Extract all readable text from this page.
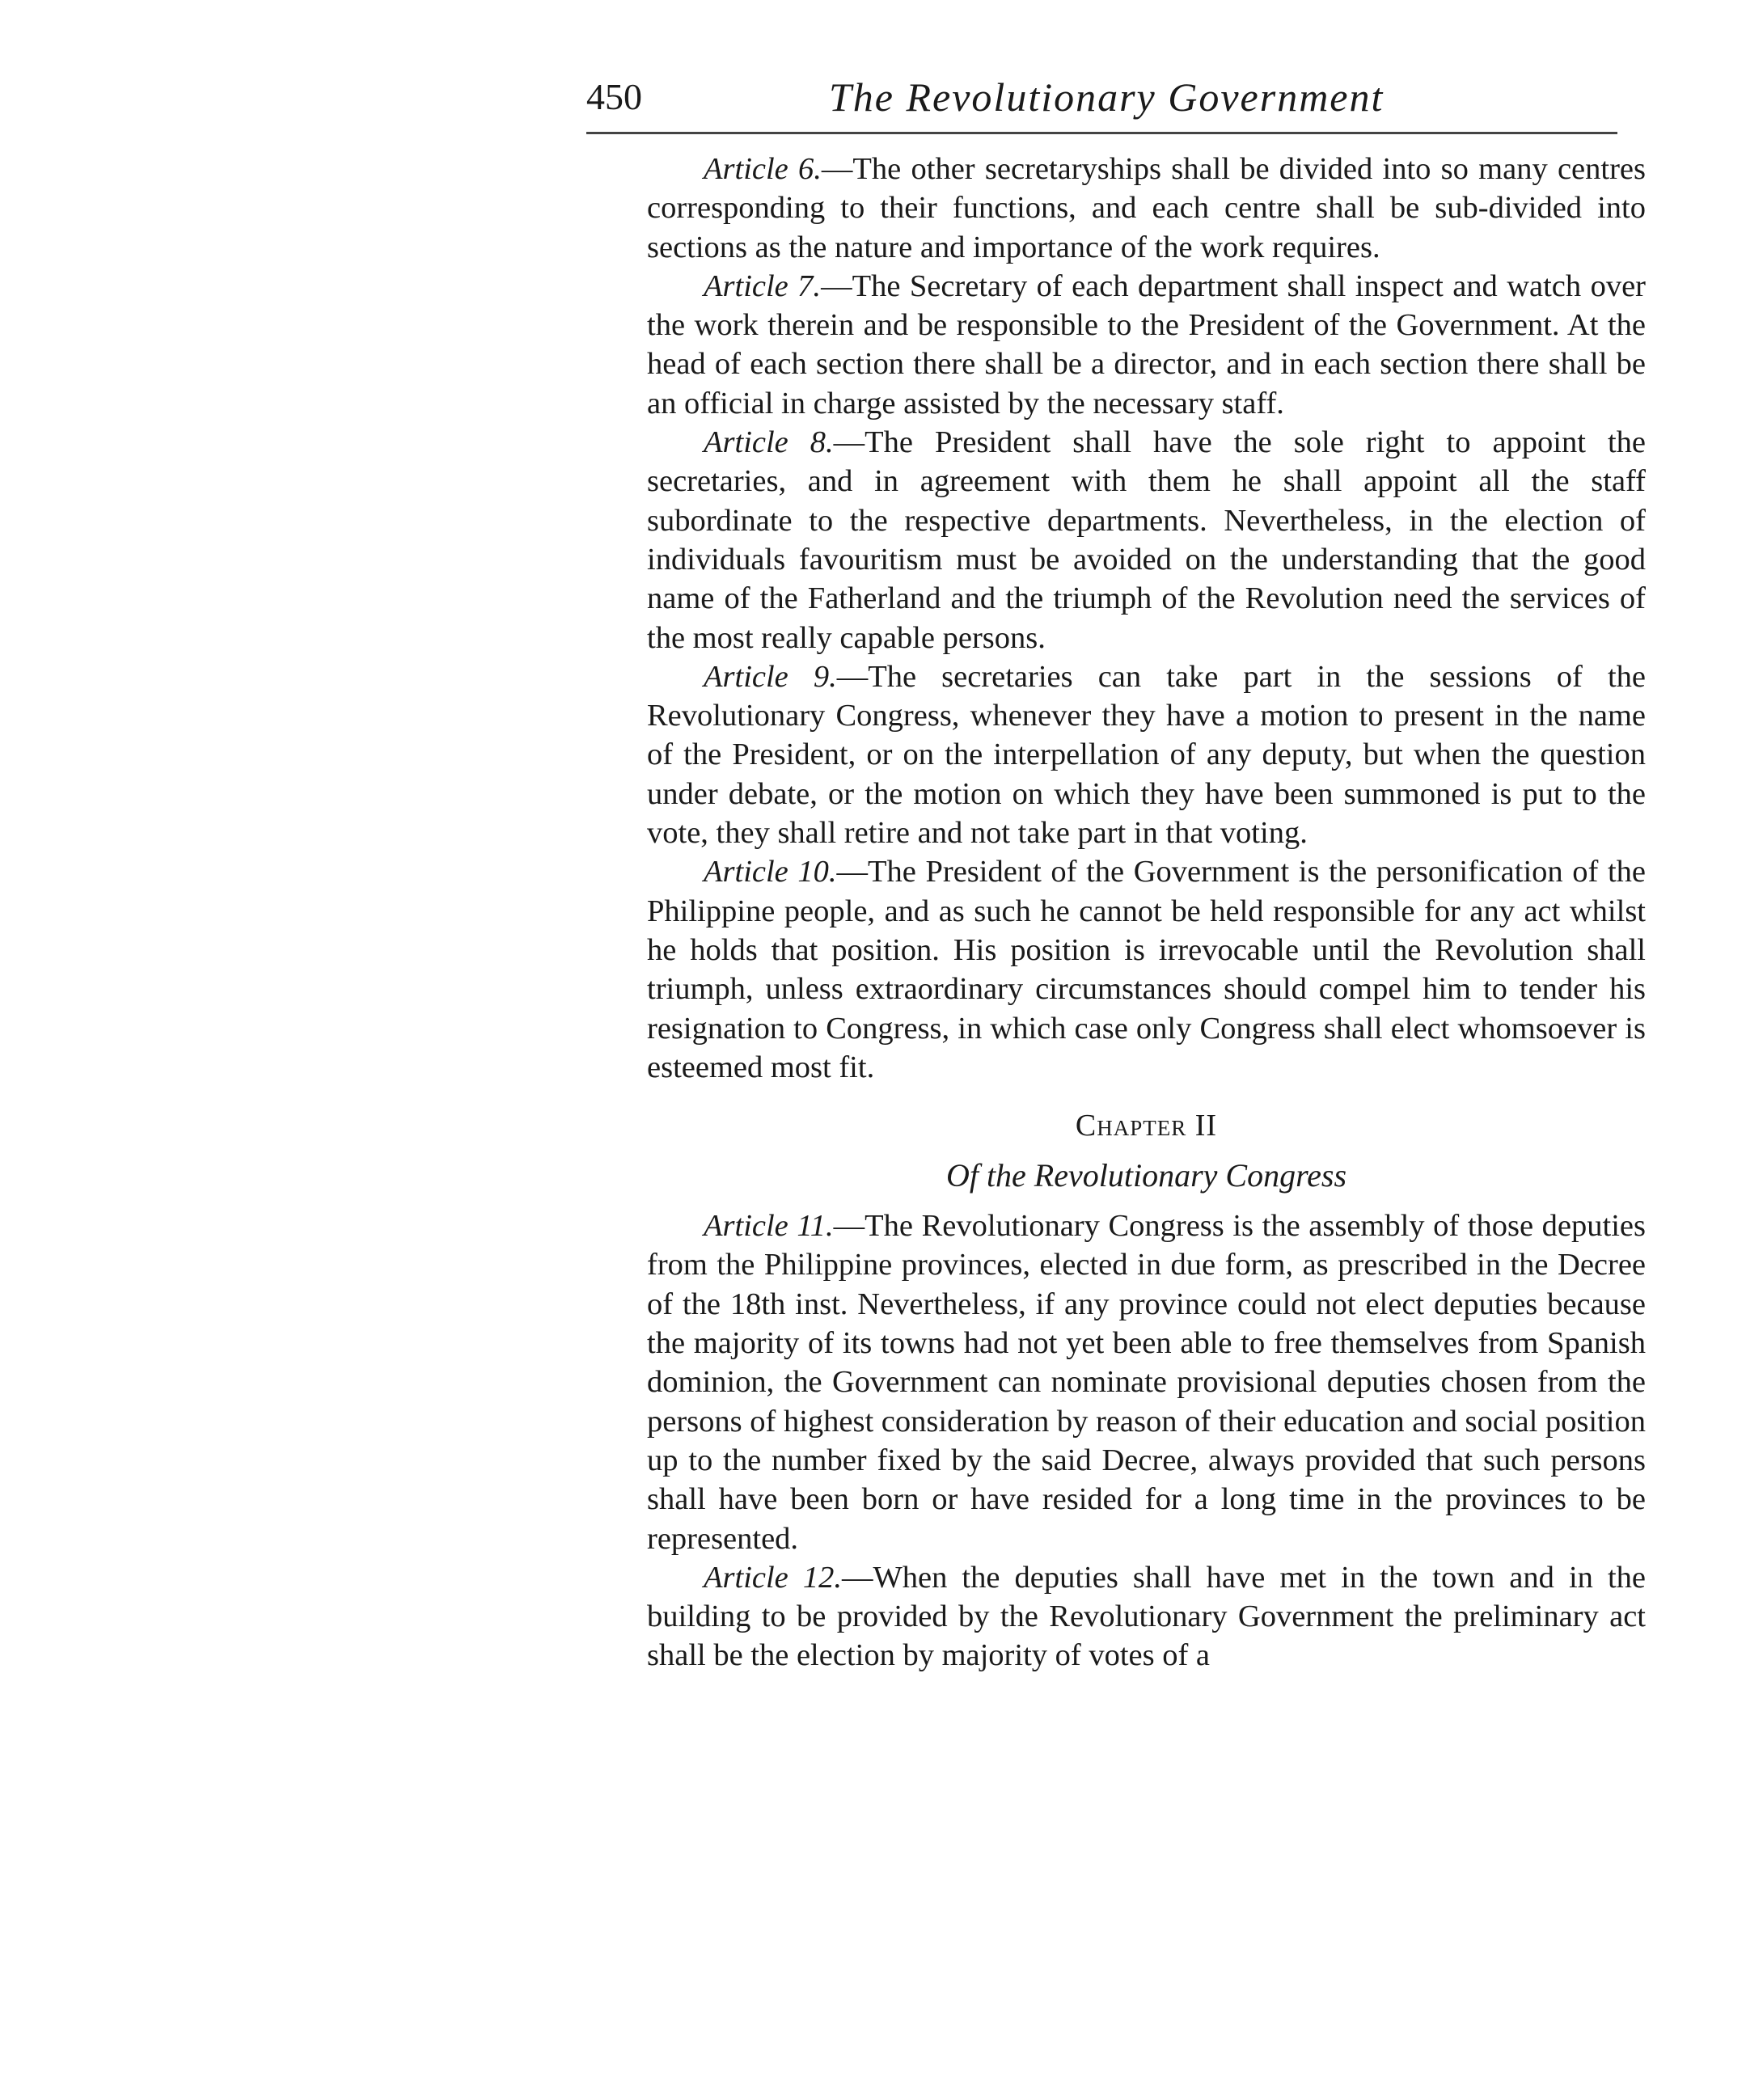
450	The Revolutionary Government

Article 6.—The other secretaryships shall be divided into so many centres corresponding to their functions, and each centre shall be sub-divided into sections as the nature and importance of the work requires.

Article 7.—The Secretary of each department shall inspect and watch over the work therein and be responsible to the President of the Government. At the head of each section there shall be a director, and in each section there shall be an official in charge assisted by the necessary staff.

Article 8.—The President shall have the sole right to appoint the secretaries, and in agreement with them he shall appoint all the staff subordinate to the respective departments. Nevertheless, in the election of individuals favouritism must be avoided on the understanding that the good name of the Fatherland and the triumph of the Revolution need the services of the most really capable persons.

Article 9.—The secretaries can take part in the sessions of the Revolutionary Congress, whenever they have a motion to present in the name of the President, or on the interpellation of any deputy, but when the question under debate, or the motion on which they have been summoned is put to the vote, they shall retire and not take part in that voting.

Article 10.—The President of the Government is the personification of the Philippine people, and as such he cannot be held responsible for any act whilst he holds that position. His position is irrevocable until the Revolution shall triumph, unless extraordinary circumstances should compel him to tender his resignation to Congress, in which case only Congress shall elect whomsoever is esteemed most fit.

Chapter II
Of the Revolutionary Congress

Article 11.—The Revolutionary Congress is the assembly of those deputies from the Philippine provinces, elected in due form, as prescribed in the Decree of the 18th inst. Nevertheless, if any province could not elect deputies because the majority of its towns had not yet been able to free themselves from Spanish dominion, the Government can nominate provisional deputies chosen from the persons of highest consideration by reason of their education and social position up to the number fixed by the said Decree, always provided that such persons shall have been born or have resided for a long time in the provinces to be represented.

Article 12.—When the deputies shall have met in the town and in the building to be provided by the Revolutionary Government the preliminary act shall be the election by majority of votes of a
